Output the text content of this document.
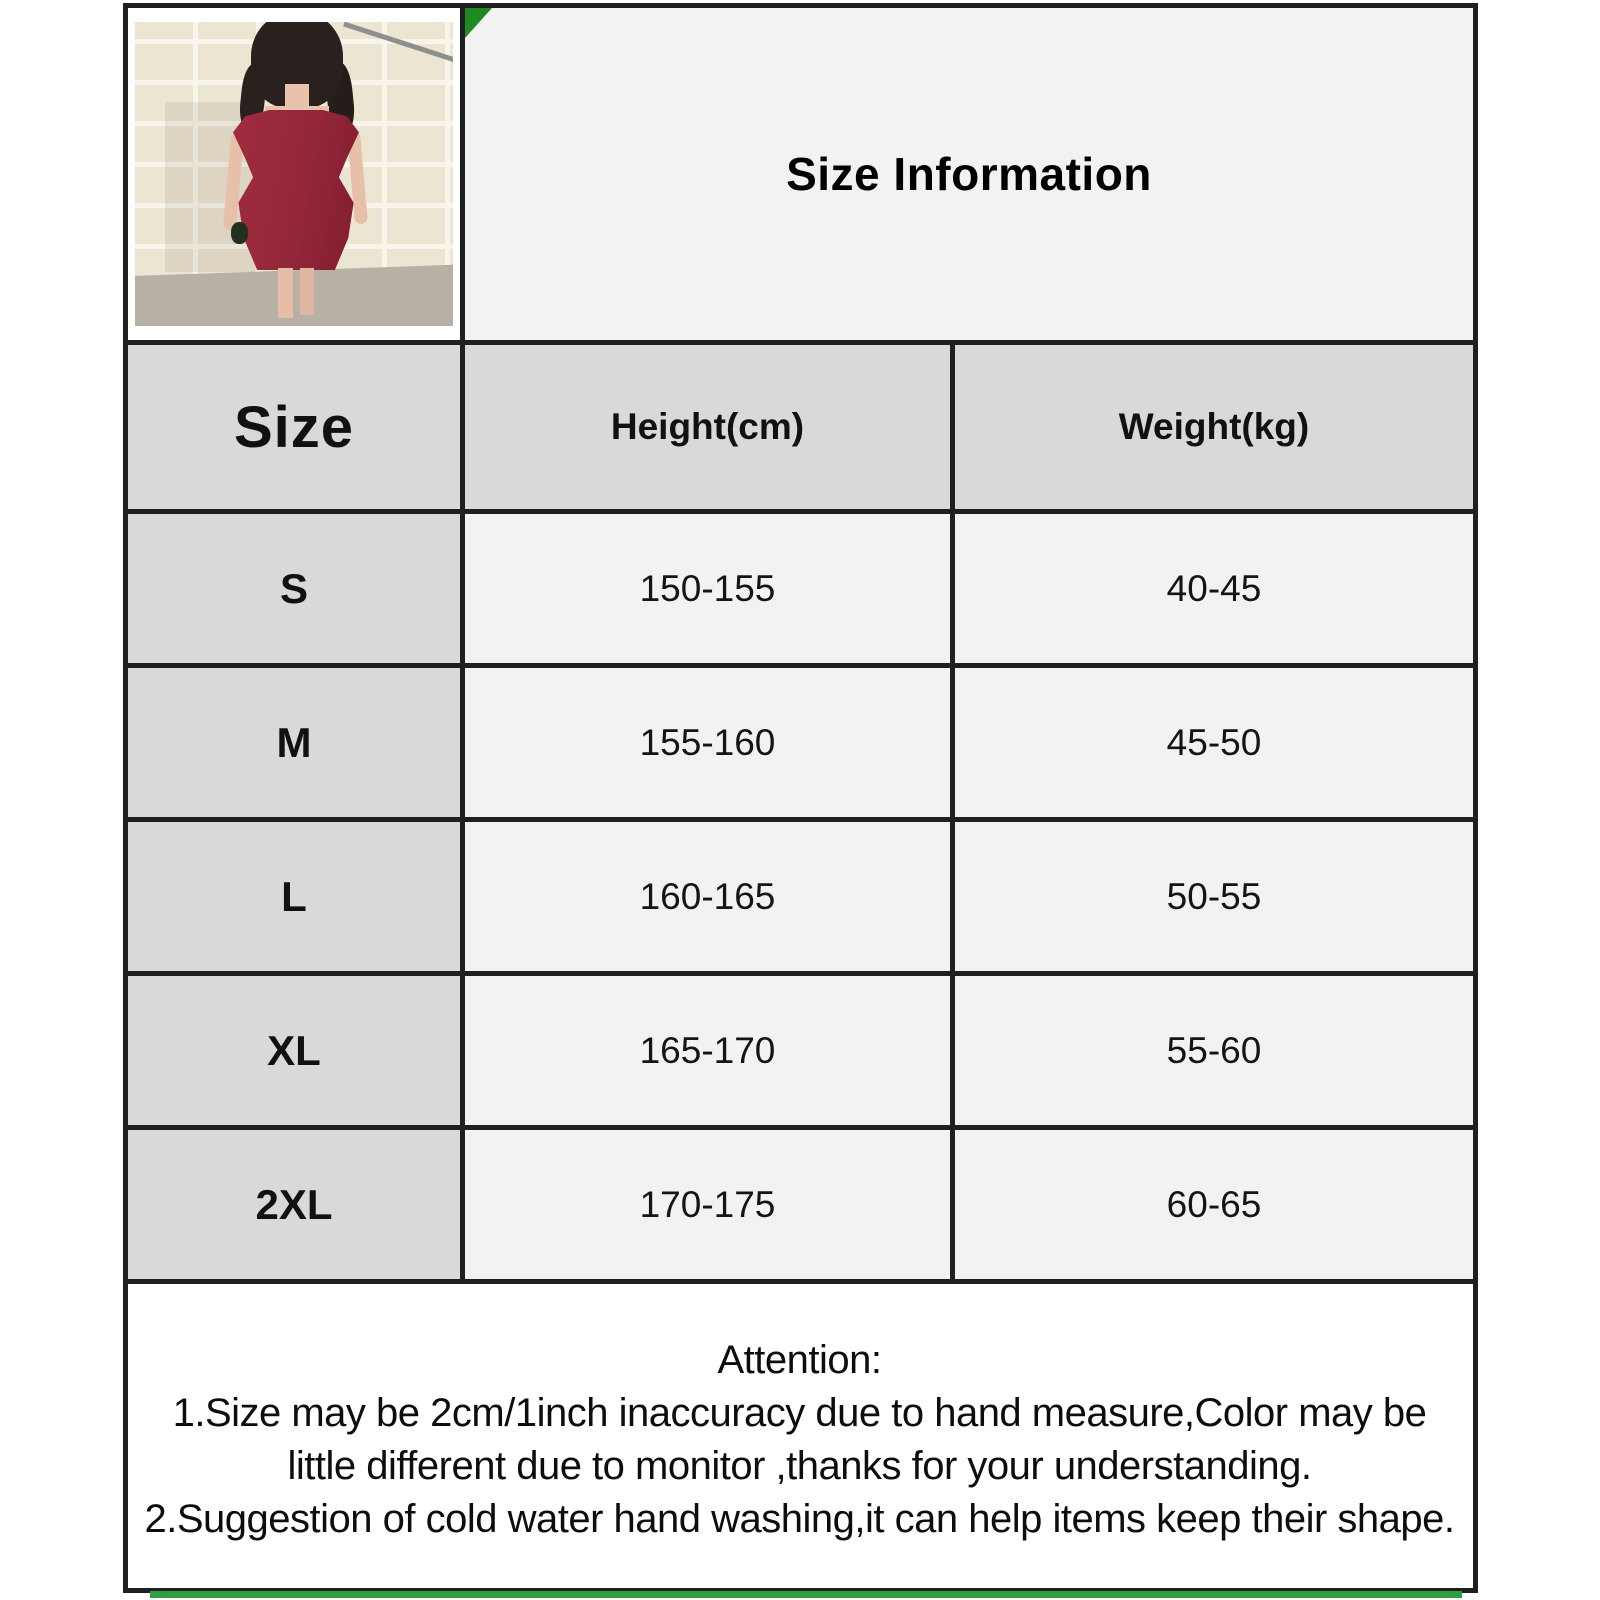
Size Information	
Size	Height(cm)	Weight(kg)
S	150-155	40-45
M	155-160	45-50
L	160-165	50-55
XL	165-170	55-60
2XL	170-175	60-65

Attention:
1.Size may be 2cm/1inch inaccuracy due to hand measure,Color may be little different due to monitor ,thanks for your understanding.
2.Suggestion of cold water hand washing,it can help items keep their shape.		
